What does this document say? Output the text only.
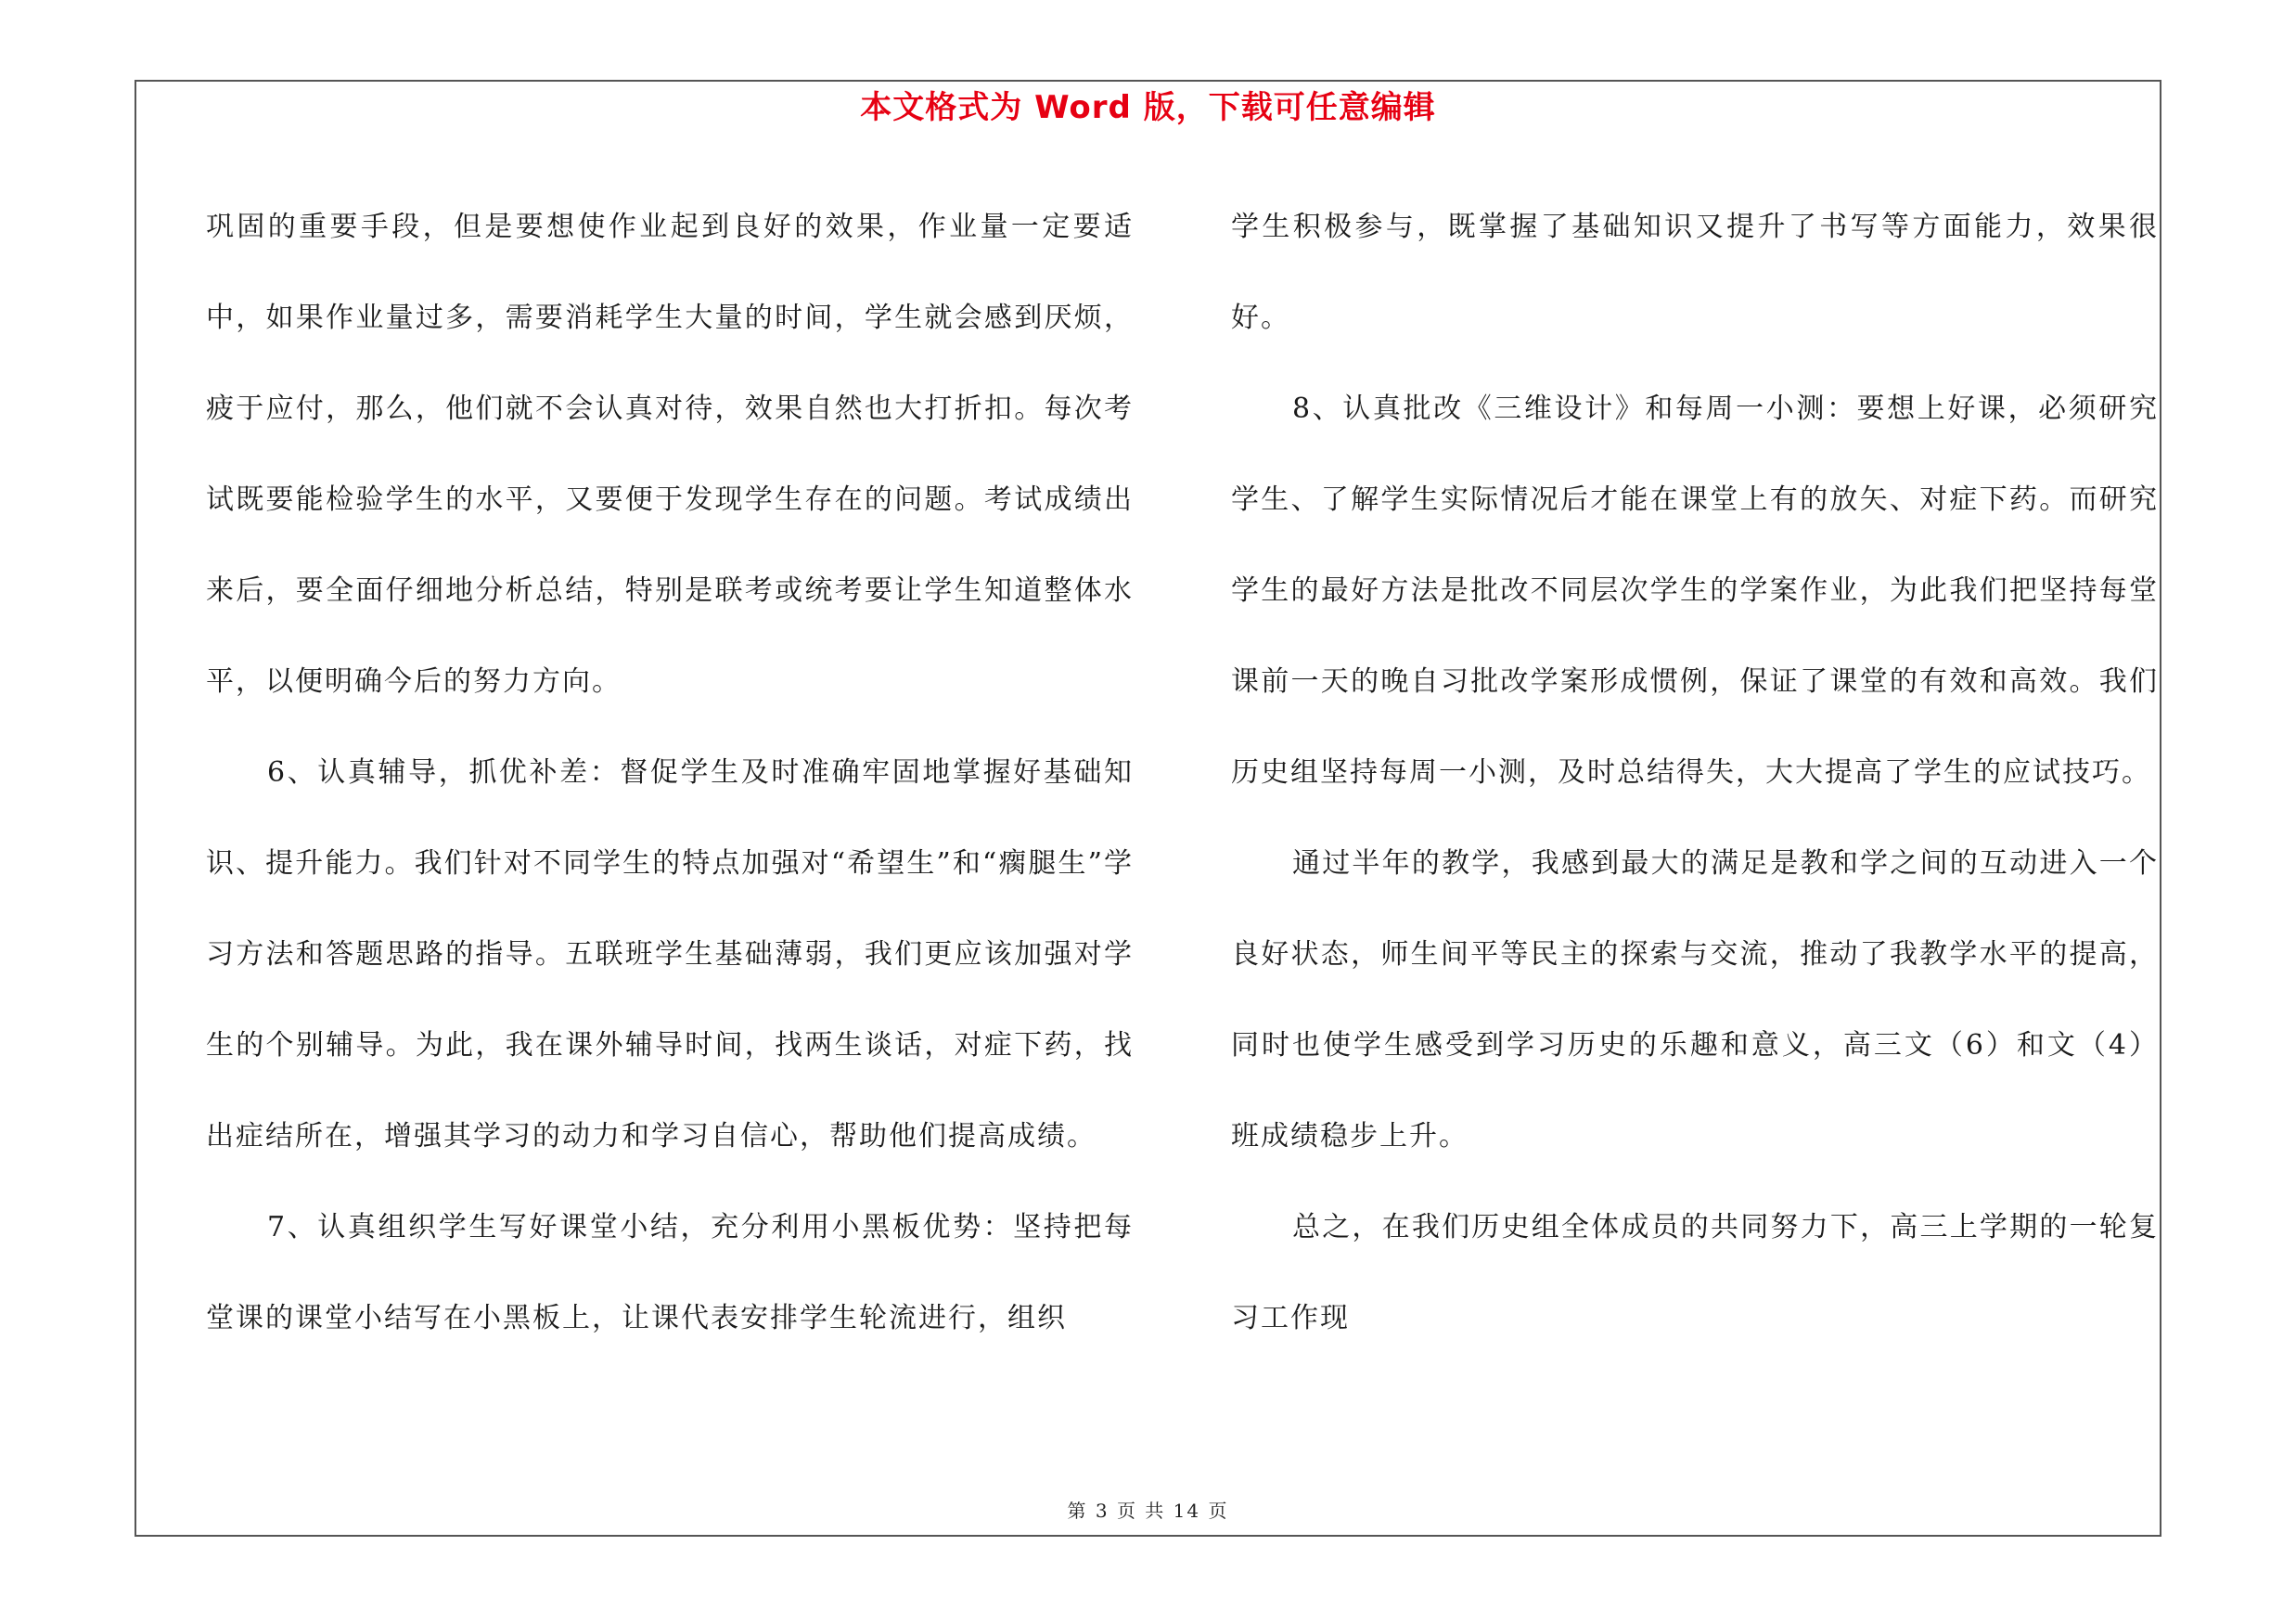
本文格式为 Word 版，下载可任意编辑

巩固的重要手段，但是要想使作业起到良好的效果，作业量一定要适中，如果作业量过多，需要消耗学生大量的时间，学生就会感到厌烦，疲于应付，那么，他们就不会认真对待，效果自然也大打折扣。每次考试既要能检验学生的水平，又要便于发现学生存在的问题。考试成绩出来后，要全面仔细地分析总结，特别是联考或统考要让学生知道整体水平，以便明确今后的努力方向。

6、认真辅导，抓优补差：督促学生及时准确牢固地掌握好基础知识、提升能力。我们针对不同学生的特点加强对“希望生”和“瘸腿生”学习方法和答题思路的指导。五联班学生基础薄弱，我们更应该加强对学生的个别辅导。为此，我在课外辅导时间，找两生谈话，对症下药，找出症结所在，增强其学习的动力和学习自信心，帮助他们提高成绩。

7、认真组织学生写好课堂小结，充分利用小黑板优势：坚持把每堂课的课堂小结写在小黑板上，让课代表安排学生轮流进行，组织

学生积极参与，既掌握了基础知识又提升了书写等方面能力，效果很好。

8、认真批改《三维设计》和每周一小测：要想上好课，必须研究学生、了解学生实际情况后才能在课堂上有的放矢、对症下药。而研究学生的最好方法是批改不同层次学生的学案作业，为此我们把坚持每堂课前一天的晚自习批改学案形成惯例，保证了课堂的有效和高效。我们历史组坚持每周一小测，及时总结得失，大大提高了学生的应试技巧。

通过半年的教学，我感到最大的满足是教和学之间的互动进入一个良好状态，师生间平等民主的探索与交流，推动了我教学水平的提高，同时也使学生感受到学习历史的乐趣和意义，高三文（6）和文（4）班成绩稳步上升。

总之，在我们历史组全体成员的共同努力下，高三上学期的一轮复习工作现

第 3 页 共 14 页
